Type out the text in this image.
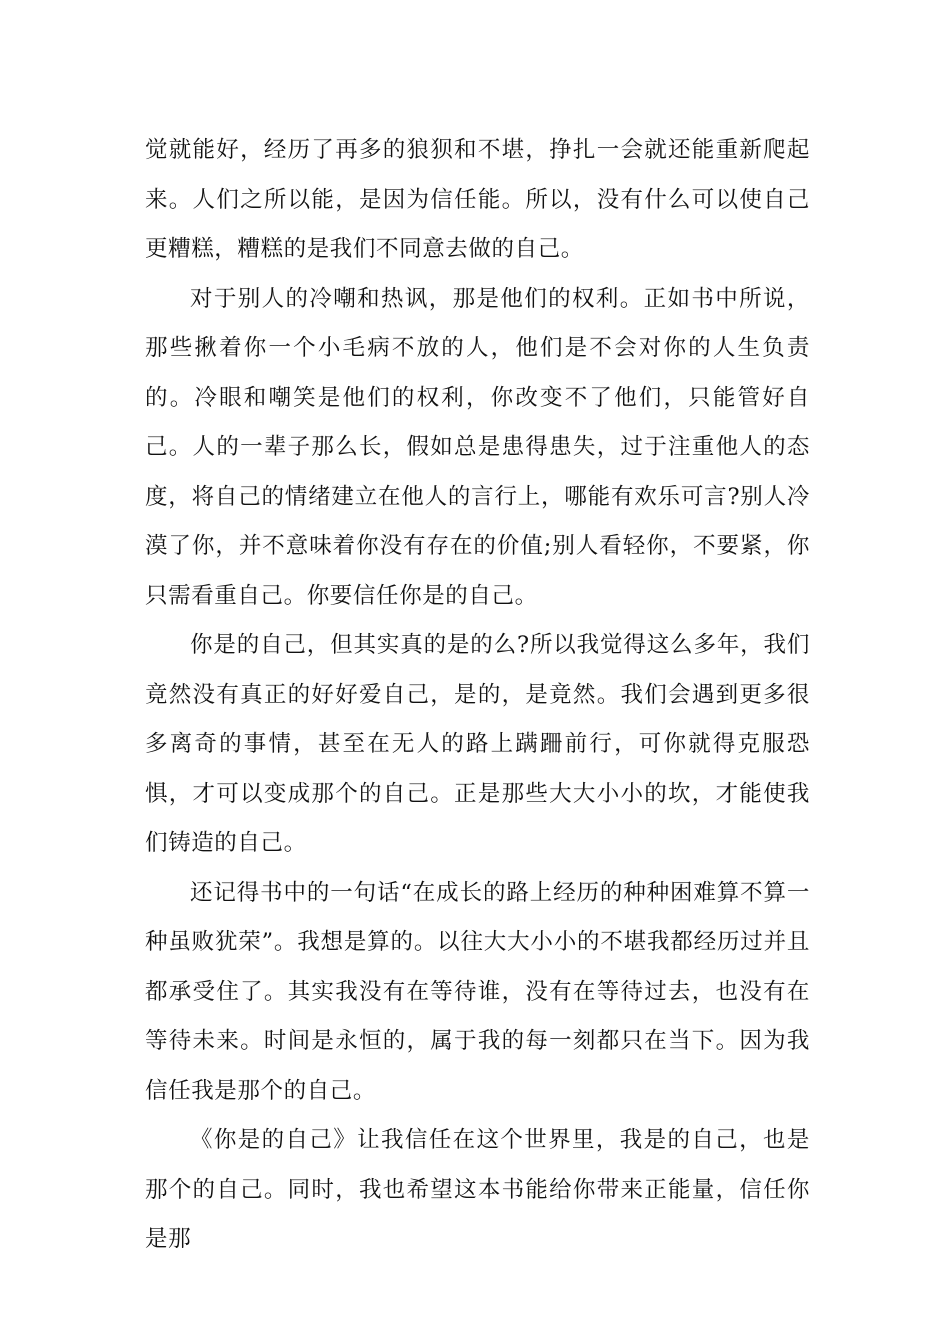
觉就能好，经历了再多的狼狈和不堪，挣扎一会就还能重新爬起来。人们之所以能，是因为信任能。所以，没有什么可以使自己更糟糕，糟糕的是我们不同意去做的自己。

对于别人的冷嘲和热讽，那是他们的权利。正如书中所说，那些揪着你一个小毛病不放的人，他们是不会对你的人生负责的。冷眼和嘲笑是他们的权利，你改变不了他们，只能管好自己。人的一辈子那么长，假如总是患得患失，过于注重他人的态度，将自己的情绪建立在他人的言行上，哪能有欢乐可言?别人冷漠了你，并不意味着你没有存在的价值;别人看轻你，不要紧，你只需看重自己。你要信任你是的自己。

你是的自己，但其实真的是的么?所以我觉得这么多年，我们竟然没有真正的好好爱自己，是的，是竟然。我们会遇到更多很多离奇的事情，甚至在无人的路上蹒跚前行，可你就得克服恐惧，才可以变成那个的自己。正是那些大大小小的坎，才能使我们铸造的自己。

还记得书中的一句话“在成长的路上经历的种种困难算不算一种虽败犹荣”。我想是算的。以往大大小小的不堪我都经历过并且都承受住了。其实我没有在等待谁，没有在等待过去，也没有在等待未来。时间是永恒的，属于我的每一刻都只在当下。因为我信任我是那个的自己。

《你是的自己》让我信任在这个世界里，我是的自己，也是那个的自己。同时，我也希望这本书能给你带来正能量，信任你是那
